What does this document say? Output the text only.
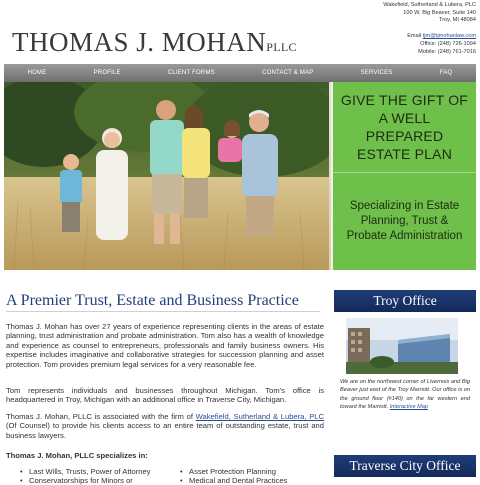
THOMAS J. MOHANPLLC
Wakefield, Sutherland & Lubera, PLC
100 W. Big Beaver, Suite 140
Troy, MI 48084
Email tjm@tjmohanlaw.com
Office: (248) 726-1094
Mobile: (248) 761-7016
HOME	PROFILE	CLIENT FORMS	CONTACT & MAP	SERVICES	FAQ
GIVE THE GIFT OF A WELL PREPARED ESTATE PLAN
Specializing in Estate Planning, Trust & Probate Administration
A Premier Trust, Estate and Business Practice

Thomas J. Mohan has over 27 years of experience representing clients in the areas of estate planning, trust administration and probate administration. Tom also has a wealth of knowledge and experience as counsel to entrepreneurs, professionals and family business owners. His expertise includes imaginative and collaborative strategies for succession planning and asset protection. Tom provides premium legal services for a very reasonable fee.

Tom represents individuals and businesses throughout Michigan. Tom's office is headquartered in Troy, Michigan with an additional office in Traverse City, Michigan.

Thomas J. Mohan, PLLC is associated with the firm of Wakefield, Sutherland & Lubera, PLC (Of Counsel) to provide his clients access to an entire team of outstanding estate, trust and business lawyers.

Thomas J. Mohan, PLLC specializes in:
• Last Wills, Trusts, Power of Attorney
• Conservatorships for Minors or
• Asset Protection Planning
• Medical and Dental Practices
Troy Office
We are on the northwest corner of Livernois and Big Beaver just east of the Troy Marriott. Our office is on the ground floor (#140) on the far western end toward the Marriott. Interactive Map
Traverse City Office
